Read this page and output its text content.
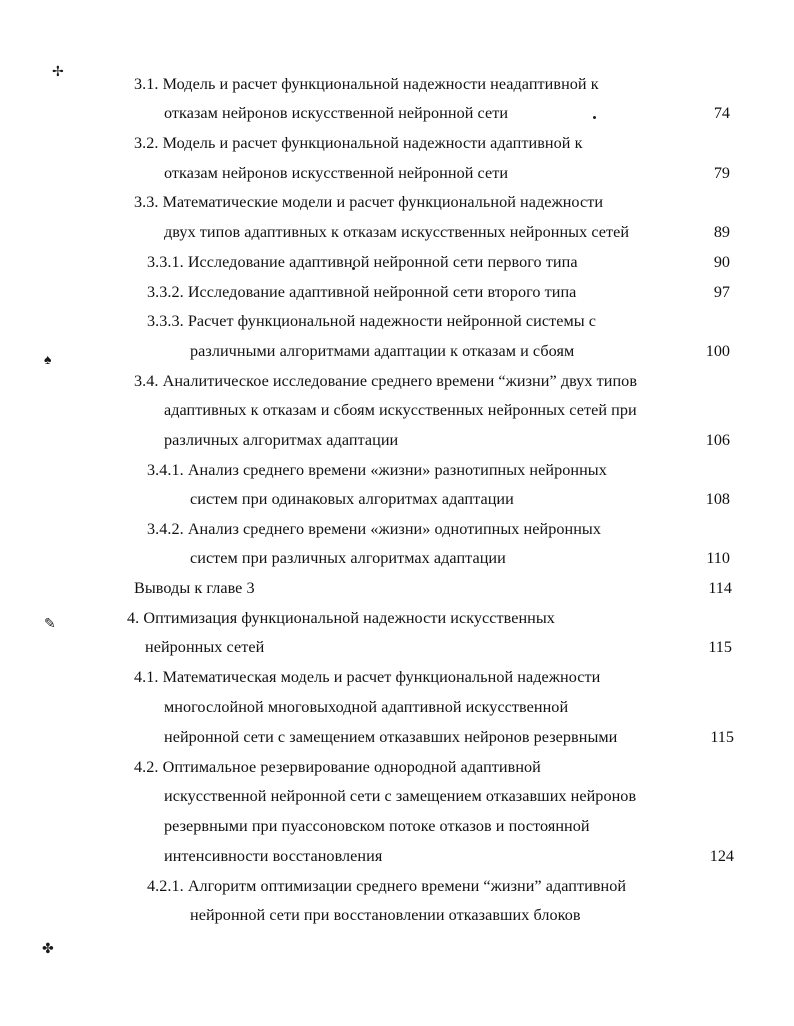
✢
♠
✎
✤
3.1. Модель и расчет функциональной надежности неадаптивной к
отказам нейронов искусственной нейронной сети	74
3.2. Модель и расчет функциональной надежности адаптивной к
отказам нейронов искусственной нейронной сети	79
3.3. Математические модели и расчет функциональной надежности
двух типов адаптивных к отказам искусственных нейронных сетей	89
3.3.1. Исследование адаптивной нейронной сети первого типа	90
3.3.2. Исследование адаптивной нейронной сети второго типа	97
3.3.3. Расчет функциональной надежности нейронной системы с
различными алгоритмами адаптации к отказам и сбоям	100
3.4. Аналитическое исследование среднего времени “жизни” двух типов
адаптивных к отказам и сбоям искусственных нейронных сетей при
различных алгоритмах адаптации	106
3.4.1. Анализ среднего времени «жизни» разнотипных нейронных
систем при одинаковых алгоритмах адаптации	108
3.4.2. Анализ среднего времени «жизни» однотипных нейронных
систем при различных алгоритмах адаптации	110
Выводы к главе 3	114
4. Оптимизация функциональной надежности искусственных
нейронных сетей	115
4.1. Математическая модель и расчет функциональной надежности
многослойной многовыходной адаптивной искусственной
нейронной сети с замещением отказавших нейронов резервными	115
4.2. Оптимальное резервирование однородной адаптивной
искусственной нейронной сети с замещением отказавших нейронов
резервными при пуассоновском потоке отказов и постоянной
интенсивности восстановления	124
4.2.1. Алгоритм оптимизации среднего времени “жизни” адаптивной
нейронной сети при восстановлении отказавших блоков
